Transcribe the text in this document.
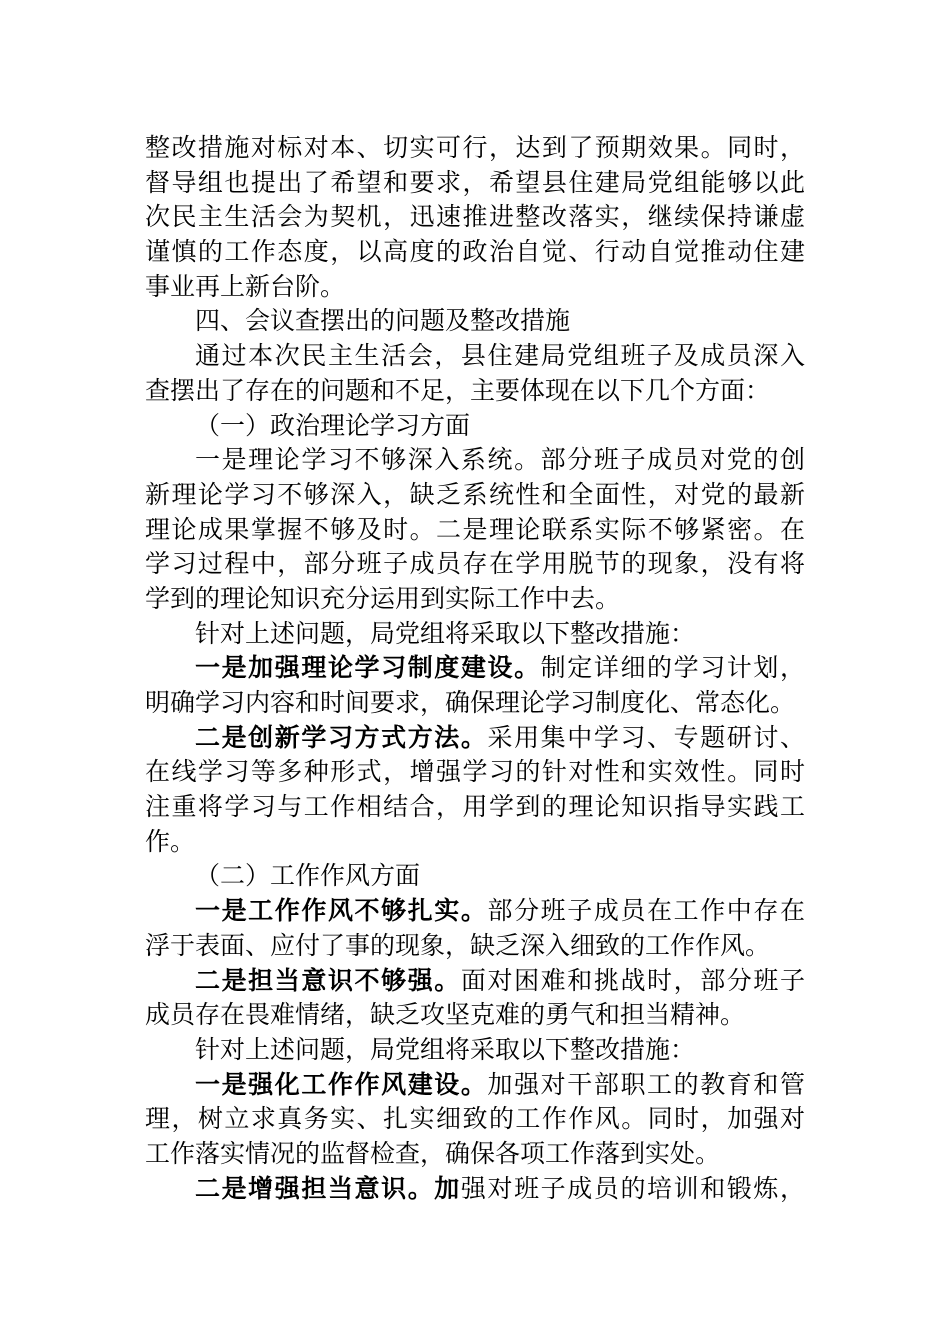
整改措施对标对本、切实可行，达到了预期效果。同时，
督导组也提出了希望和要求，希望县住建局党组能够以此
次民主生活会为契机，迅速推进整改落实，继续保持谦虚
谨慎的工作态度，以高度的政治自觉、行动自觉推动住建
事业再上新台阶。
四、会议查摆出的问题及整改措施
通过本次民主生活会，县住建局党组班子及成员深入
查摆出了存在的问题和不足，主要体现在以下几个方面：
（一）政治理论学习方面
一是理论学习不够深入系统。部分班子成员对党的创
新理论学习不够深入，缺乏系统性和全面性，对党的最新
理论成果掌握不够及时。二是理论联系实际不够紧密。在
学习过程中，部分班子成员存在学用脱节的现象，没有将
学到的理论知识充分运用到实际工作中去。
针对上述问题，局党组将采取以下整改措施：
一是加强理论学习制度建设。制定详细的学习计划，
明确学习内容和时间要求，确保理论学习制度化、常态化。
二是创新学习方式方法。采用集中学习、专题研讨、
在线学习等多种形式，增强学习的针对性和实效性。同时
注重将学习与工作相结合，用学到的理论知识指导实践工
作。
（二）工作作风方面
一是工作作风不够扎实。部分班子成员在工作中存在
浮于表面、应付了事的现象，缺乏深入细致的工作作风。
二是担当意识不够强。面对困难和挑战时，部分班子
成员存在畏难情绪，缺乏攻坚克难的勇气和担当精神。
针对上述问题，局党组将采取以下整改措施：
一是强化工作作风建设。加强对干部职工的教育和管
理，树立求真务实、扎实细致的工作作风。同时，加强对
工作落实情况的监督检查，确保各项工作落到实处。
二是增强担当意识。加强对班子成员的培训和锻炼，
